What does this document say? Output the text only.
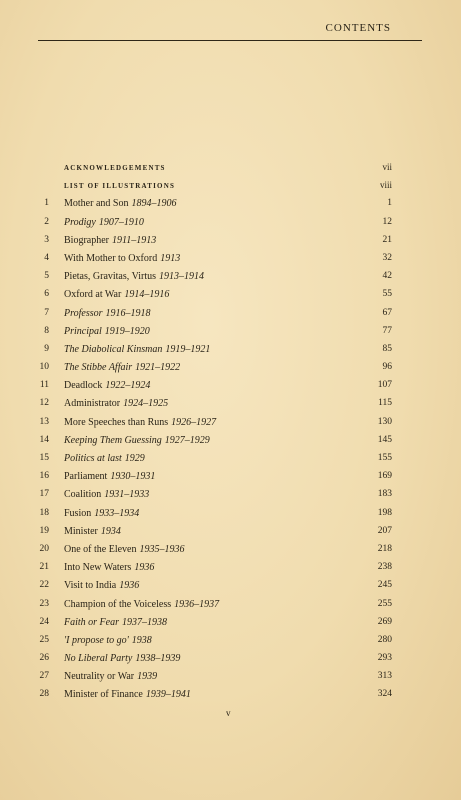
CONTENTS
ACKNOWLEDGEMENTS	vii
LIST OF ILLUSTRATIONS	viii
1 Mother and Son 1894–1906	1
2 Prodigy 1907–1910	12
3 Biographer 1911–1913	21
4 With Mother to Oxford 1913	32
5 Pietas, Gravitas, Virtus 1913–1914	42
6 Oxford at War 1914–1916	55
7 Professor 1916–1918	67
8 Principal 1919–1920	77
9 The Diabolical Kinsman 1919–1921	85
10 The Stibbe Affair 1921–1922	96
11 Deadlock 1922–1924	107
12 Administrator 1924–1925	115
13 More Speeches than Runs 1926–1927	130
14 Keeping Them Guessing 1927–1929	145
15 Politics at last 1929	155
16 Parliament 1930–1931	169
17 Coalition 1931–1933	183
18 Fusion 1933–1934	198
19 Minister 1934	207
20 One of the Eleven 1935–1936	218
21 Into New Waters 1936	238
22 Visit to India 1936	245
23 Champion of the Voiceless 1936–1937	255
24 Faith or Fear 1937–1938	269
25 'I propose to go' 1938	280
26 No Liberal Party 1938–1939	293
27 Neutrality or War 1939	313
28 Minister of Finance 1939–1941	324
v
